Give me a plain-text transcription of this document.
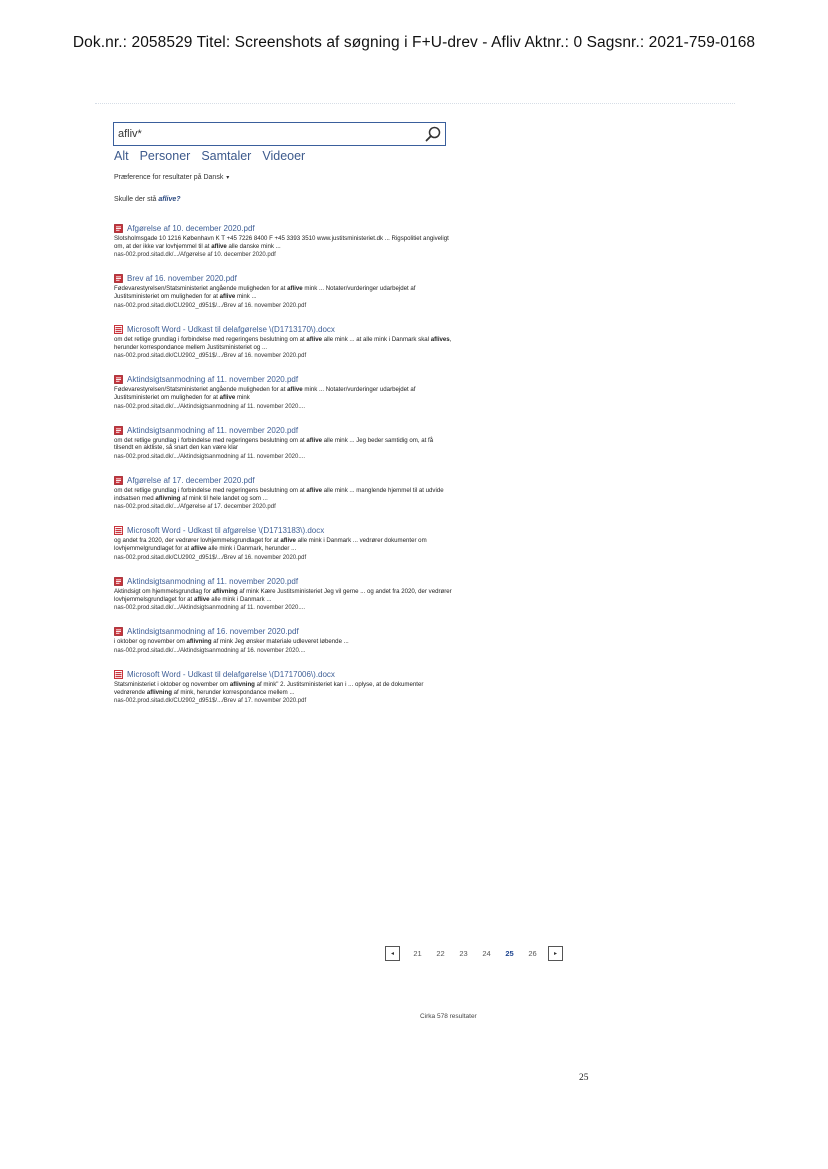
Dok.nr.: 2058529 Titel: Screenshots af søgning i F+U-drev - Afliv Aktnr.: 0 Sagsnr.: 2021-759-0168
afliv*
Alt Personer Samtaler Videoer
Præference for resultater på Dansk ▾
Skulle der stå aflive?
Afgørelse af 10. december 2020.pdf
Slotsholmsgade 10 1216 København K T +45 7226 8400 F +45 3393 3510 www.justitsministeriet.dk ... Rigspolitiet angiveligt om, at der ikke var lovhjemmel til at aflive alle danske mink ...
nas-002.prod.sitad.dk/.../Afgørelse af 10. december 2020.pdf
Brev af 16. november 2020.pdf
Fødevarestyrelsen/Statsministeriet angående muligheden for at aflive mink ... Notater/vurderinger udarbejdet af Justitsministeriet om muligheden for at aflive mink ...
nas-002.prod.sitad.dk/CU2902_d951$/.../Brev af 16. november 2020.pdf
Microsoft Word - Udkast til delafgørelse \(D1713170\).docx
om det retlige grundlag i forbindelse med regeringens beslutning om at aflive alle mink ... at alle mink i Danmark skal aflives, herunder korrespondance mellem Justitsministeriet og ...
nas-002.prod.sitad.dk/CU2902_d951$/.../Brev af 16. november 2020.pdf
Aktindsigtsanmodning af 11. november 2020.pdf
Fødevarestyrelsen/Statsministeriet angående muligheden for at aflive mink ... Notater/vurderinger udarbejdet af Justitsministeriet om muligheden for at aflive mink
nas-002.prod.sitad.dk/.../Aktindsigtsanmodning af 11. november 2020....
Aktindsigtsanmodning af 11. november 2020.pdf
om det retlige grundlag i forbindelse med regeringens beslutning om at aflive alle mink ... Jeg beder samtidig om, at få tilsendt en aktliste, så snart den kan være klar
nas-002.prod.sitad.dk/.../Aktindsigtsanmodning af 11. november 2020....
Afgørelse af 17. december 2020.pdf
om det retlige grundlag i forbindelse med regeringens beslutning om at aflive alle mink ... manglende hjemmel til at udvide indsatsen med aflivning af mink til hele landet og som ...
nas-002.prod.sitad.dk/.../Afgørelse af 17. december 2020.pdf
Microsoft Word - Udkast til afgørelse \(D1713183\).docx
og andet fra 2020, der vedrører lovhjemmelsgrundlaget for at aflive alle mink i Danmark ... vedrører dokumenter om lovhjemmelgrundlaget for at aflive alle mink i Danmark, herunder ...
nas-002.prod.sitad.dk/CU2902_d951$/.../Brev af 16. november 2020.pdf
Aktindsigtsanmodning af 11. november 2020.pdf
Aktindsigt om hjemmelsgrundlag for aflivning af mink Kære Justitsministeriet Jeg vil gerne ... og andet fra 2020, der vedrører lovhjemmelsgrundlaget for at aflive alle mink i Danmark ...
nas-002.prod.sitad.dk/.../Aktindsigtsanmodning af 11. november 2020....
Aktindsigtsanmodning af 16. november 2020.pdf
i oktober og november om aflivning af mink Jeg ønsker materiale udleveret løbende ...
nas-002.prod.sitad.dk/.../Aktindsigtsanmodning af 16. november 2020....
Microsoft Word - Udkast til delafgørelse \(D1717006\).docx
Statsministeriet i oktober og november om aflivning af mink" 2. Justitsministeriet kan i ... oplyse, at de dokumenter vedrørende aflivning af mink, herunder korrespondance mellem ...
nas-002.prod.sitad.dk/CU2902_d951$/.../Brev af 17. november 2020.pdf
◂	21	22	23	24	25	26	▸
Cirka 578 resultater
25
